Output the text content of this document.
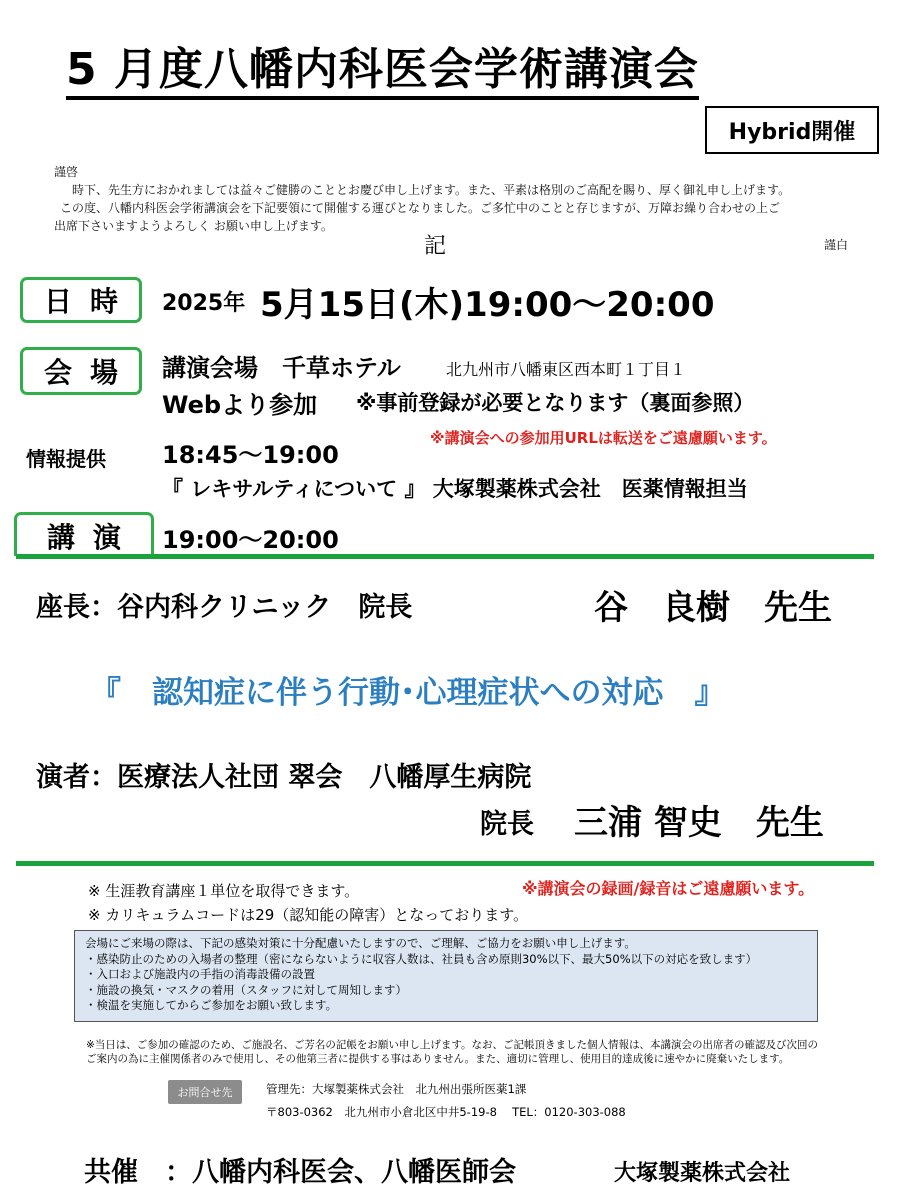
5 月度八幡内科医会学術講演会
Hybrid開催
謹啓
時下、先生方におかれましては益々ご健勝のこととお慶び申し上げます。また、平素は格別のご高配を賜り、厚く御礼申し上げます。
この度、八幡内科医会学術講演会を下記要領にて開催する運びとなりました。ご多忙中のことと存じますが、万障お繰り合わせの上ご
出席下さいますようよろしく お願い申し上げます。
記	謹白
日時 2025年 5月15日(木)19:00～20:00
会場 講演会場　千草ホテル	北九州市八幡東区西本町１丁目１
Webより参加 ※事前登録が必要となります（裏面参照）
※講演会への参加用URLは転送をご遠慮願います。
情報提供 18:45～19:00
『 レキサルティについて 』 大塚製薬株式会社　医薬情報担当
講演 19:00～20:00
座長：谷内科クリニック　院長	谷　良樹　先生
『　認知症に伴う行動･心理症状への対応　』
演者：医療法人社団 翠会　八幡厚生病院
院長 三浦 智史　先生
※ 生涯教育講座１単位を取得できます。
※ カリキュラムコードは29（認知能の障害）となっております。
※講演会の録画/録音はご遠慮願います。
会場にご来場の際は、下記の感染対策に十分配慮いたしますので、ご理解、ご協力をお願い申し上げます。
・感染防止のための入場者の整理（密にならないように収容人数は、社員も含め原則30%以下、最大50%以下の対応を致します）
・入口および施設内の手指の消毒設備の設置
・施設の換気・マスクの着用（スタッフに対して周知します）
・検温を実施してからご参加をお願い致します。
※当日は、ご参加の確認のため、ご施設名、ご芳名の記帳をお願い申し上げます。なお、ご記帳頂きました個人情報は、本講演会の出席者の確認及び次回の
ご案内の為に主催関係者のみで使用し、その他第三者に提供する事はありません。また、適切に管理し、使用目的達成後に速やかに廃棄いたします。
お問合せ先	管理先：大塚製薬株式会社　北九州出張所医薬1課
〒803-0362　北九州市小倉北区中井5-19-8　 TEL：0120-303-088
共催　：八幡内科医会、八幡医師会	大塚製薬株式会社
